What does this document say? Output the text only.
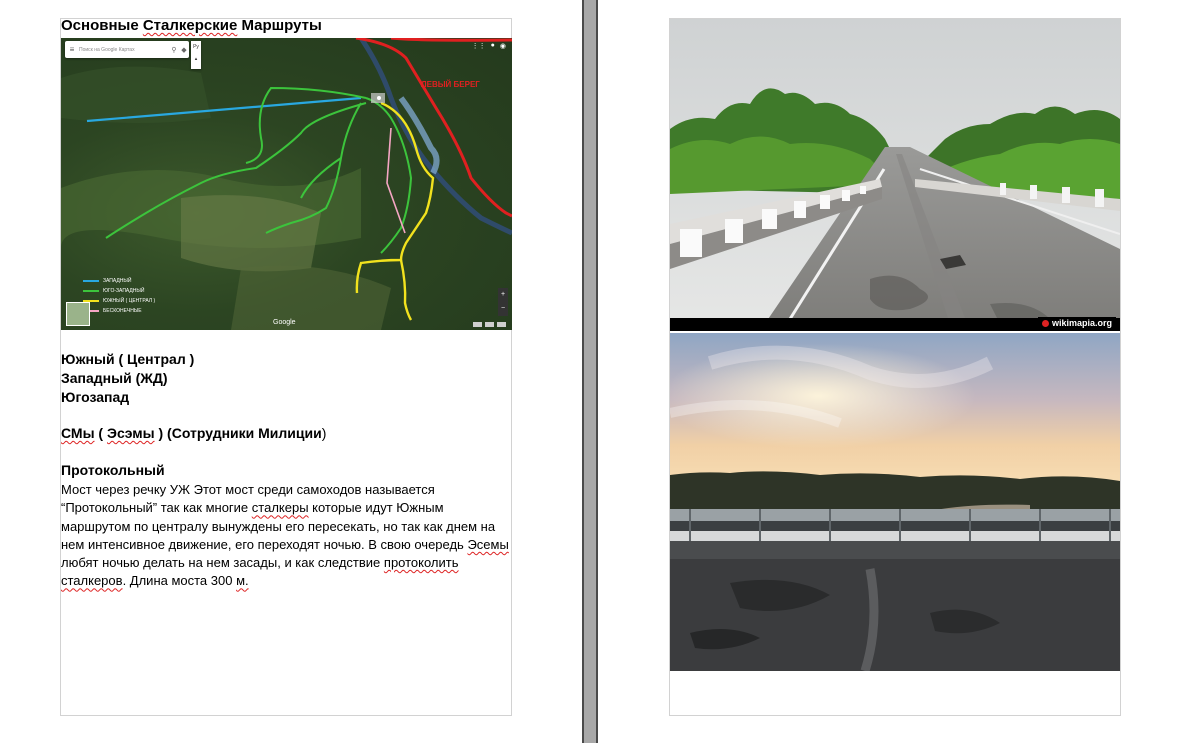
Основные Сталкерские Маршруты
≡ Поиск на Google Картах	⚲ ◆	Ру
▴
⋮⋮ ● ◉
ЛЕВЫЙ БЕРЕГ
ЗАПАДНЫЙ
ЮГО-ЗАПАДНЫЙ
ЮЖНЫЙ ( ЦЕНТРАЛ )
БЕСКОНЕЧНЫЕ
Google
+
−
Южный ( Централ )
Западный (ЖД)
Югозапад
СМы ( Эсэмы ) (Сотрудники Милиции)
Протокольный
Мост через речку УЖ Этот мост среди самоходов называется “Протокольный” так как многие сталкеры которые идут Южным маршрутом по централу вынуждены его пересекать, но так как днем на нем интенсивное движение, его переходят ночью. В свою очередь Эсемы любят ночью делать на нем засады, и как следствие протоколить сталкеров. Длина моста 300 м.
wikimapia.org
